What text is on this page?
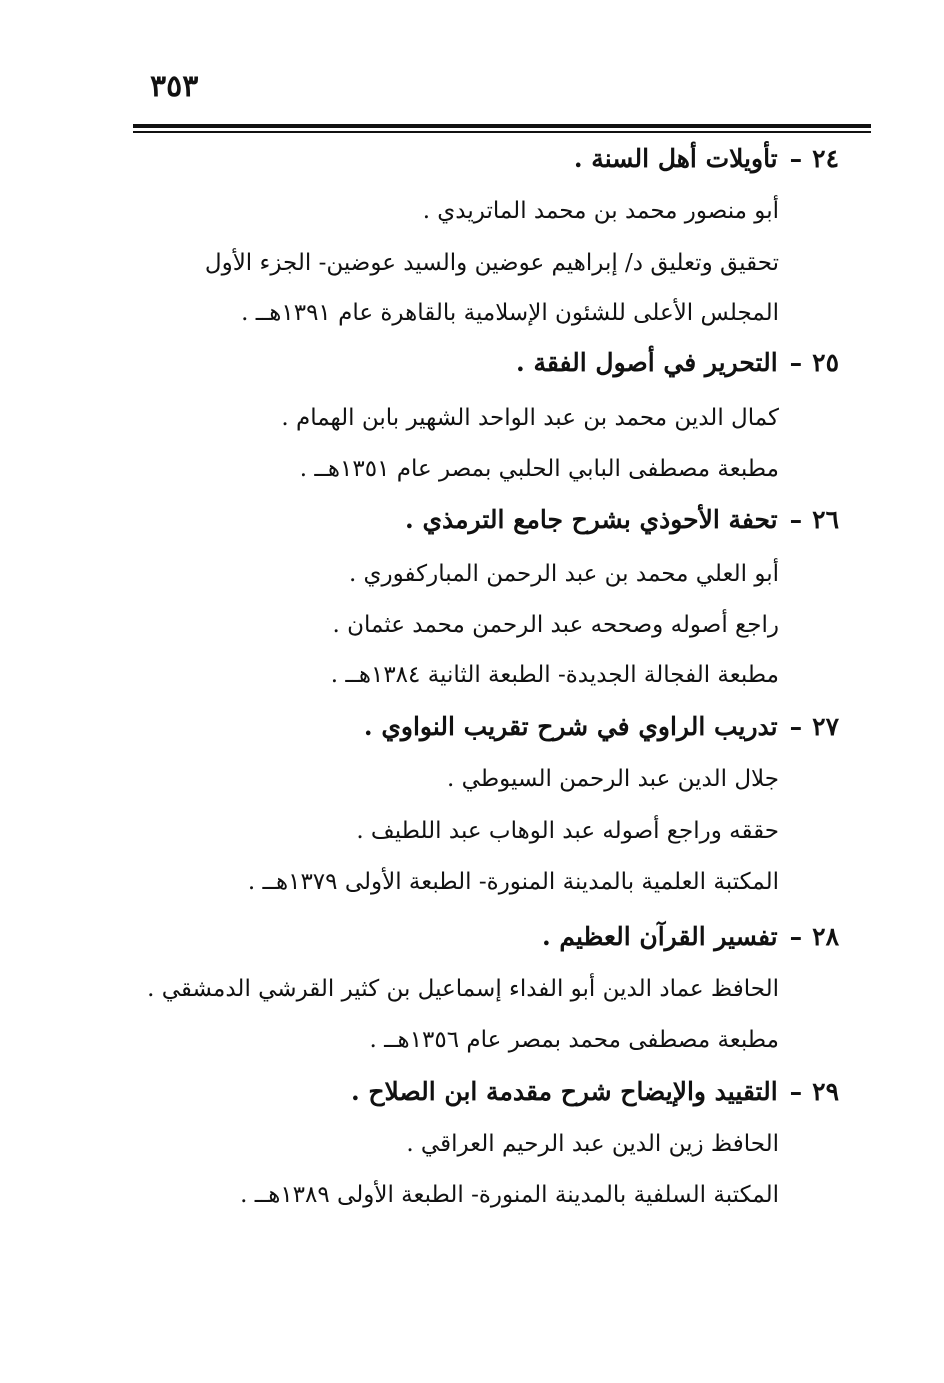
٣٥٣
٢٤–تأويلات أهل السنة .
أبو منصور محمد بن محمد الماتريدي .
تحقيق وتعليق د/ إبراهيم عوضين والسيد عوضين- الجزء الأول
المجلس الأعلى للشئون الإسلامية بالقاهرة عام ١٣٩١هــ .
٢٥–التحرير في أصول الفقة .
كمال الدين محمد بن عبد الواحد الشهير بابن الهمام .
مطبعة مصطفى البابي الحلبي بمصر عام ١٣٥١هــ .
٢٦–تحفة الأحوذي بشرح جامع الترمذي .
أبو العلي محمد بن عبد الرحمن المباركفوري .
راجع أصوله وصححه عبد الرحمن محمد عثمان .
مطبعة الفجالة الجديدة- الطبعة الثانية ١٣٨٤هــ .
٢٧–تدريب الراوي في شرح تقريب النواوي .
جلال الدين عبد الرحمن السيوطي .
حققه وراجع أصوله عبد الوهاب عبد اللطيف .
المكتبة العلمية بالمدينة المنورة- الطبعة الأولى ١٣٧٩هــ .
٢٨–تفسير القرآن العظيم .
الحافظ عماد الدين أبو الفداء إسماعيل بن كثير القرشي الدمشقي .
مطبعة مصطفى محمد بمصر عام ١٣٥٦هــ .
٢٩–التقييد والإيضاح شرح مقدمة ابن الصلاح .
الحافظ زين الدين عبد الرحيم العراقي .
المكتبة السلفية بالمدينة المنورة- الطبعة الأولى ١٣٨٩هــ .
